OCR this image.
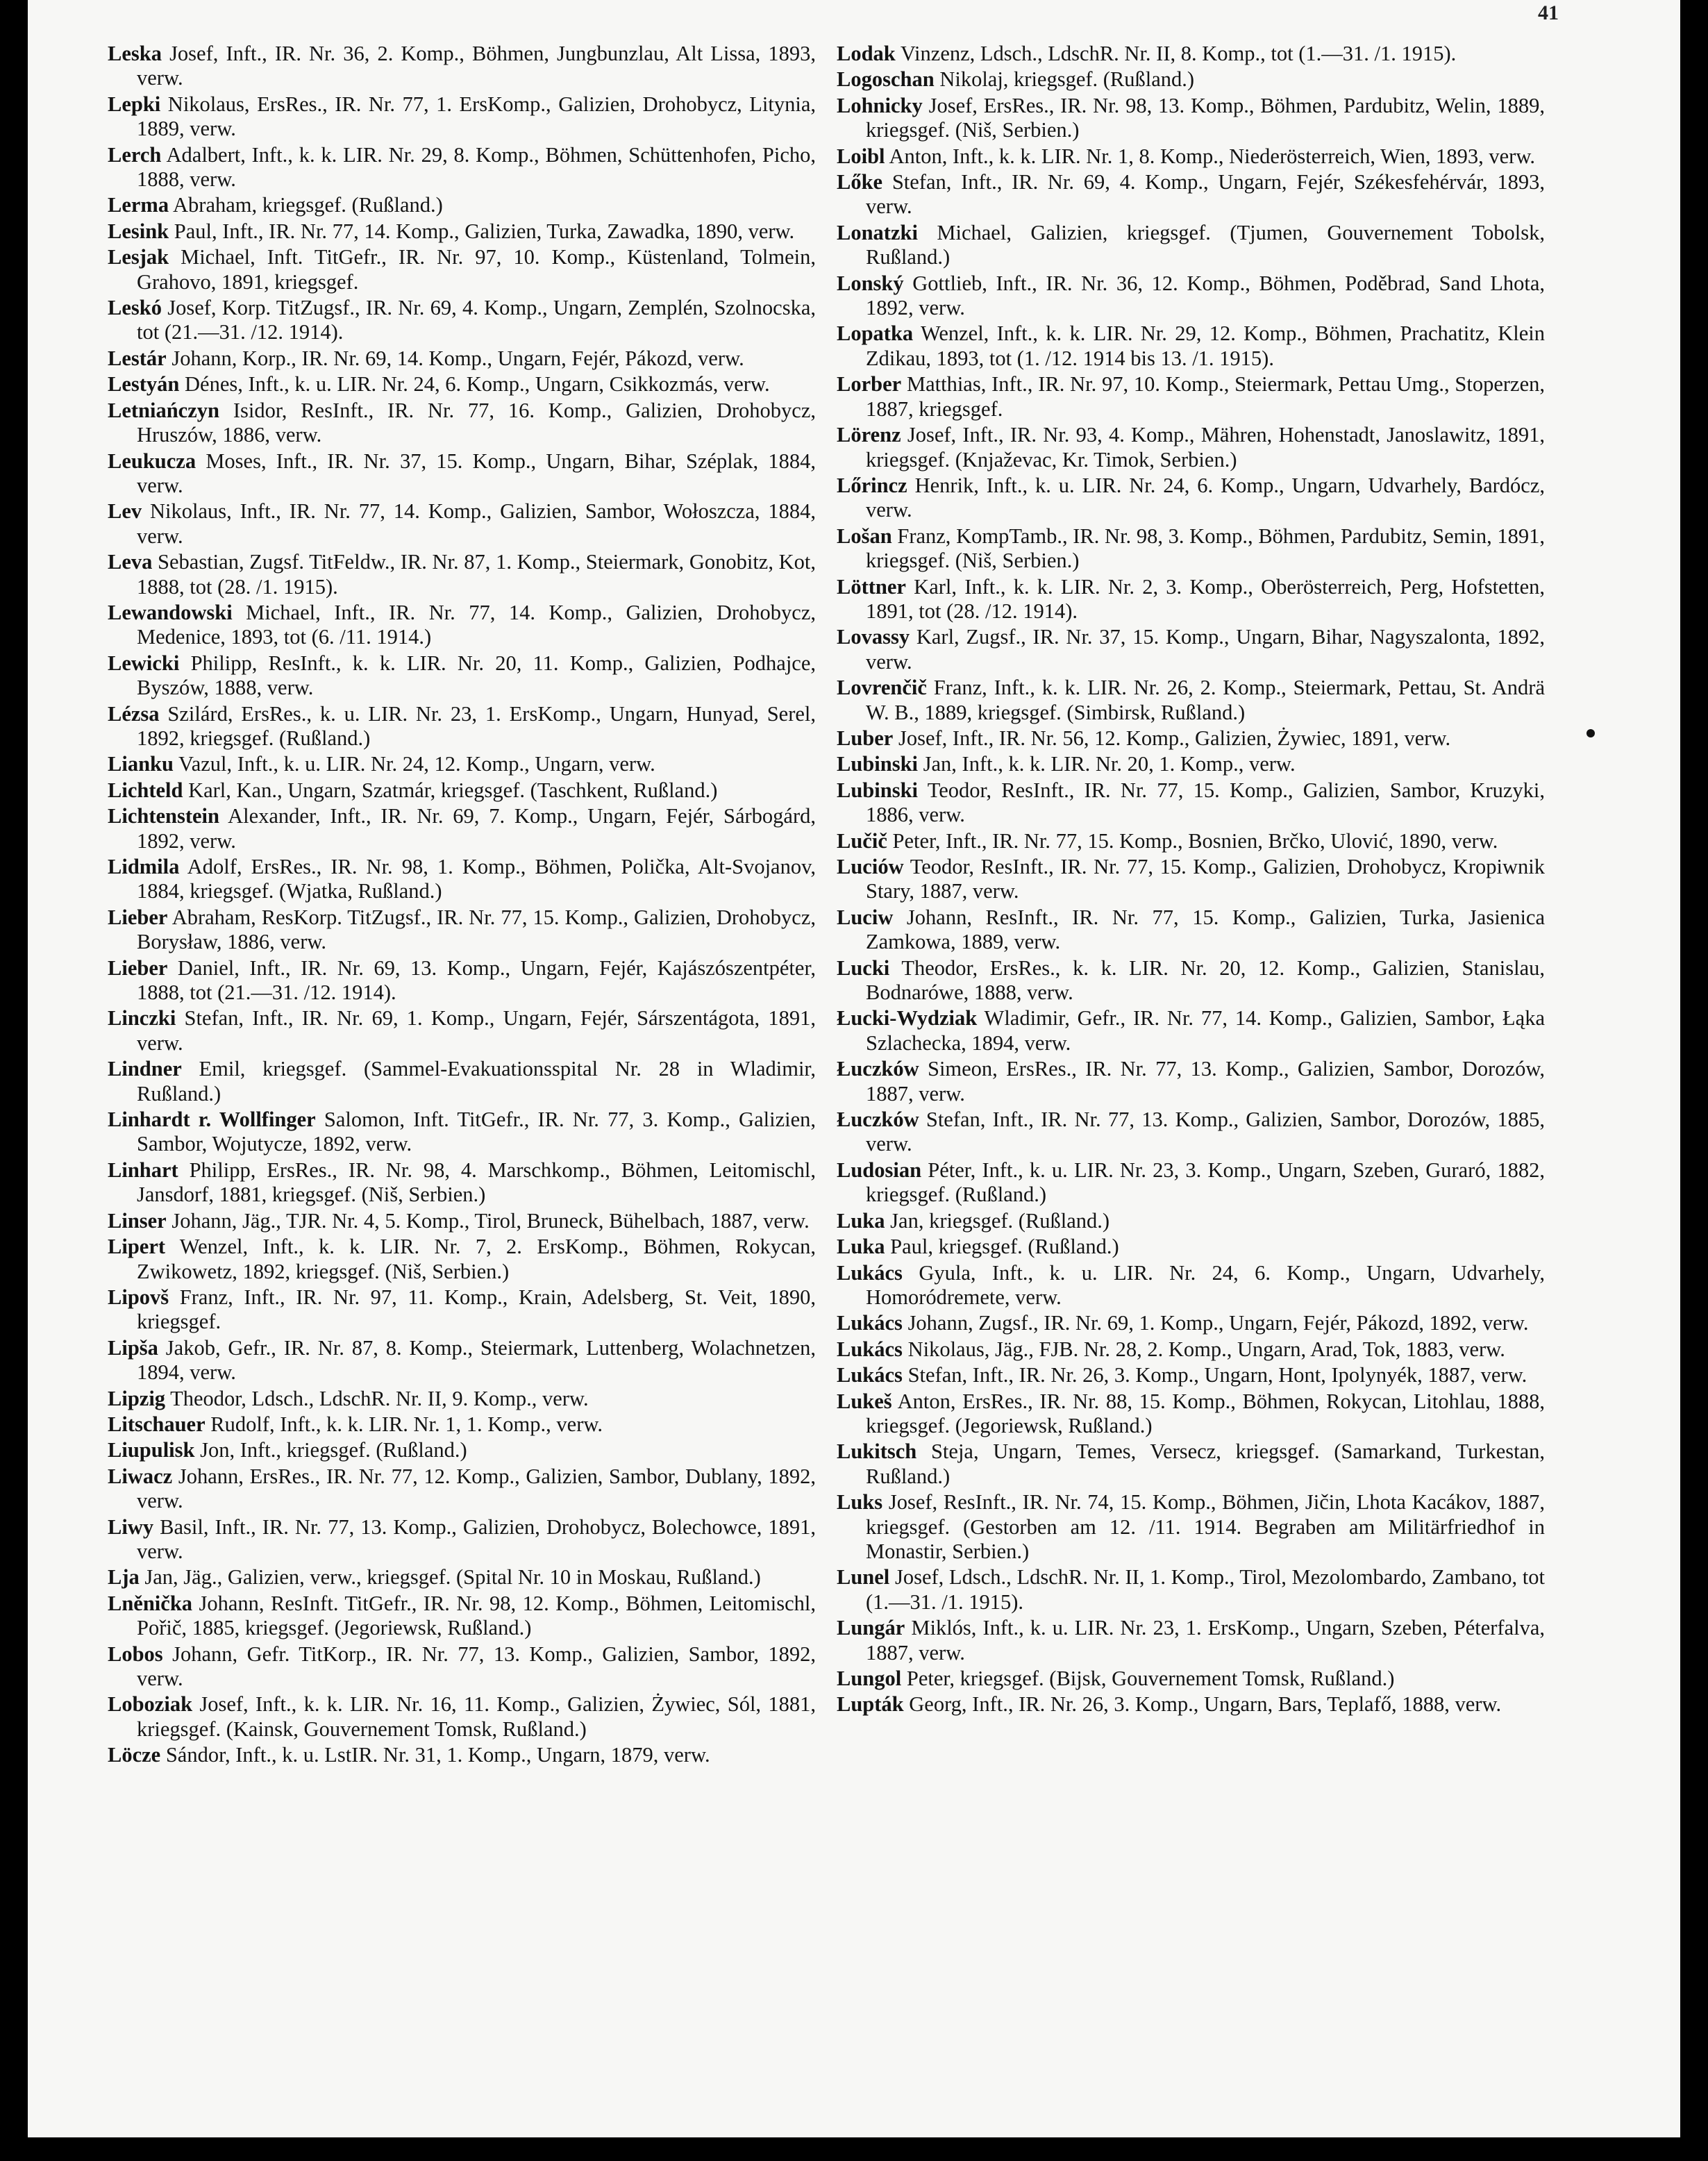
41

Leska Josef, Inft., IR. Nr. 36, 2. Komp., Böhmen, Jungbunzlau, Alt Lissa, 1893, verw.

Lepki Nikolaus, ErsRes., IR. Nr. 77, 1. ErsKomp., Galizien, Drohobycz, Litynia, 1889, verw.

Lerch Adalbert, Inft., k. k. LIR. Nr. 29, 8. Komp., Böhmen, Schüttenhofen, Picho, 1888, verw.

Lerma Abraham, kriegsgef. (Rußland.)

Lesink Paul, Inft., IR. Nr. 77, 14. Komp., Galizien, Turka, Zawadka, 1890, verw.

Lesjak Michael, Inft. TitGefr., IR. Nr. 97, 10. Komp., Küstenland, Tolmein, Grahovo, 1891, kriegsgef.

Leskó Josef, Korp. TitZugsf., IR. Nr. 69, 4. Komp., Ungarn, Zemplén, Szolnocska, tot (21.—31. /12. 1914).

Lestár Johann, Korp., IR. Nr. 69, 14. Komp., Ungarn, Fejér, Pákozd, verw.

Lestyán Dénes, Inft., k. u. LIR. Nr. 24, 6. Komp., Ungarn, Csikkozmás, verw.

Letniańczyn Isidor, ResInft., IR. Nr. 77, 16. Komp., Galizien, Drohobycz, Hruszów, 1886, verw.

Leukucza Moses, Inft., IR. Nr. 37, 15. Komp., Ungarn, Bihar, Széplak, 1884, verw.

Lev Nikolaus, Inft., IR. Nr. 77, 14. Komp., Galizien, Sambor, Wołoszcza, 1884, verw.

Leva Sebastian, Zugsf. TitFeldw., IR. Nr. 87, 1. Komp., Steiermark, Gonobitz, Kot, 1888, tot (28. /1. 1915).

Lewandowski Michael, Inft., IR. Nr. 77, 14. Komp., Galizien, Drohobycz, Medenice, 1893, tot (6. /11. 1914.)

Lewicki Philipp, ResInft., k. k. LIR. Nr. 20, 11. Komp., Galizien, Podhajce, Byszów, 1888, verw.

Lézsa Szilárd, ErsRes., k. u. LIR. Nr. 23, 1. ErsKomp., Ungarn, Hunyad, Serel, 1892, kriegsgef. (Rußland.)

Lianku Vazul, Inft., k. u. LIR. Nr. 24, 12. Komp., Ungarn, verw.

Lichteld Karl, Kan., Ungarn, Szatmár, kriegsgef. (Taschkent, Rußland.)

Lichtenstein Alexander, Inft., IR. Nr. 69, 7. Komp., Ungarn, Fejér, Sárbogárd, 1892, verw.

Lidmila Adolf, ErsRes., IR. Nr. 98, 1. Komp., Böhmen, Polička, Alt-Svojanov, 1884, kriegsgef. (Wjatka, Rußland.)

Lieber Abraham, ResKorp. TitZugsf., IR. Nr. 77, 15. Komp., Galizien, Drohobycz, Borysław, 1886, verw.

Lieber Daniel, Inft., IR. Nr. 69, 13. Komp., Ungarn, Fejér, Kajászószentpéter, 1888, tot (21.—31. /12. 1914).

Linczki Stefan, Inft., IR. Nr. 69, 1. Komp., Ungarn, Fejér, Sárszentágota, 1891, verw.

Lindner Emil, kriegsgef. (Sammel-Evakuationsspital Nr. 28 in Wladimir, Rußland.)

Linhardt r. Wollfinger Salomon, Inft. TitGefr., IR. Nr. 77, 3. Komp., Galizien, Sambor, Wojutycze, 1892, verw.

Linhart Philipp, ErsRes., IR. Nr. 98, 4. Marschkomp., Böhmen, Leitomischl, Jansdorf, 1881, kriegsgef. (Niš, Serbien.)

Linser Johann, Jäg., TJR. Nr. 4, 5. Komp., Tirol, Bruneck, Bühelbach, 1887, verw.

Lipert Wenzel, Inft., k. k. LIR. Nr. 7, 2. ErsKomp., Böhmen, Rokycan, Zwikowetz, 1892, kriegsgef. (Niš, Serbien.)

Lipovš Franz, Inft., IR. Nr. 97, 11. Komp., Krain, Adelsberg, St. Veit, 1890, kriegsgef.

Lipša Jakob, Gefr., IR. Nr. 87, 8. Komp., Steiermark, Luttenberg, Wolachnetzen, 1894, verw.

Lipzig Theodor, Ldsch., LdschR. Nr. II, 9. Komp., verw.

Litschauer Rudolf, Inft., k. k. LIR. Nr. 1, 1. Komp., verw.

Liupulisk Jon, Inft., kriegsgef. (Rußland.)

Liwacz Johann, ErsRes., IR. Nr. 77, 12. Komp., Galizien, Sambor, Dublany, 1892, verw.

Liwy Basil, Inft., IR. Nr. 77, 13. Komp., Galizien, Drohobycz, Bolechowce, 1891, verw.

Lja Jan, Jäg., Galizien, verw., kriegsgef. (Spital Nr. 10 in Moskau, Rußland.)

Lněnička Johann, ResInft. TitGefr., IR. Nr. 98, 12. Komp., Böhmen, Leitomischl, Pořič, 1885, kriegsgef. (Jegoriewsk, Rußland.)

Lobos Johann, Gefr. TitKorp., IR. Nr. 77, 13. Komp., Galizien, Sambor, 1892, verw.

Loboziak Josef, Inft., k. k. LIR. Nr. 16, 11. Komp., Galizien, Żywiec, Sól, 1881, kriegsgef. (Kainsk, Gouvernement Tomsk, Rußland.)

Löcze Sándor, Inft., k. u. LstIR. Nr. 31, 1. Komp., Ungarn, 1879, verw.

Lodak Vinzenz, Ldsch., LdschR. Nr. II, 8. Komp., tot (1.—31. /1. 1915).

Logoschan Nikolaj, kriegsgef. (Rußland.)

Lohnicky Josef, ErsRes., IR. Nr. 98, 13. Komp., Böhmen, Pardubitz, Welin, 1889, kriegsgef. (Niš, Serbien.)

Loibl Anton, Inft., k. k. LIR. Nr. 1, 8. Komp., Niederösterreich, Wien, 1893, verw.

Lőke Stefan, Inft., IR. Nr. 69, 4. Komp., Ungarn, Fejér, Székesfehérvár, 1893, verw.

Lonatzki Michael, Galizien, kriegsgef. (Tjumen, Gouvernement Tobolsk, Rußland.)

Lonský Gottlieb, Inft., IR. Nr. 36, 12. Komp., Böhmen, Poděbrad, Sand Lhota, 1892, verw.

Lopatka Wenzel, Inft., k. k. LIR. Nr. 29, 12. Komp., Böhmen, Prachatitz, Klein Zdikau, 1893, tot (1. /12. 1914 bis 13. /1. 1915).

Lorber Matthias, Inft., IR. Nr. 97, 10. Komp., Steiermark, Pettau Umg., Stoperzen, 1887, kriegsgef.

Lörenz Josef, Inft., IR. Nr. 93, 4. Komp., Mähren, Hohenstadt, Janoslawitz, 1891, kriegsgef. (Knjaževac, Kr. Timok, Serbien.)

Lőrincz Henrik, Inft., k. u. LIR. Nr. 24, 6. Komp., Ungarn, Udvarhely, Bardócz, verw.

Lošan Franz, KompTamb., IR. Nr. 98, 3. Komp., Böhmen, Pardubitz, Semin, 1891, kriegsgef. (Niš, Serbien.)

Löttner Karl, Inft., k. k. LIR. Nr. 2, 3. Komp., Oberösterreich, Perg, Hofstetten, 1891, tot (28. /12. 1914).

Lovassy Karl, Zugsf., IR. Nr. 37, 15. Komp., Ungarn, Bihar, Nagyszalonta, 1892, verw.

Lovrenčič Franz, Inft., k. k. LIR. Nr. 26, 2. Komp., Steiermark, Pettau, St. Andrä W. B., 1889, kriegsgef. (Simbirsk, Rußland.)

Luber Josef, Inft., IR. Nr. 56, 12. Komp., Galizien, Żywiec, 1891, verw.

Lubinski Jan, Inft., k. k. LIR. Nr. 20, 1. Komp., verw.

Lubinski Teodor, ResInft., IR. Nr. 77, 15. Komp., Galizien, Sambor, Kruzyki, 1886, verw.

Lučič Peter, Inft., IR. Nr. 77, 15. Komp., Bosnien, Brčko, Ulović, 1890, verw.

Luciów Teodor, ResInft., IR. Nr. 77, 15. Komp., Galizien, Drohobycz, Kropiwnik Stary, 1887, verw.

Luciw Johann, ResInft., IR. Nr. 77, 15. Komp., Galizien, Turka, Jasienica Zamkowa, 1889, verw.

Lucki Theodor, ErsRes., k. k. LIR. Nr. 20, 12. Komp., Galizien, Stanislau, Bodnarówe, 1888, verw.

Łucki-Wydziak Wladimir, Gefr., IR. Nr. 77, 14. Komp., Galizien, Sambor, Łąka Szlachecka, 1894, verw.

Łuczków Simeon, ErsRes., IR. Nr. 77, 13. Komp., Galizien, Sambor, Dorozów, 1887, verw.

Łuczków Stefan, Inft., IR. Nr. 77, 13. Komp., Galizien, Sambor, Dorozów, 1885, verw.

Ludosian Péter, Inft., k. u. LIR. Nr. 23, 3. Komp., Ungarn, Szeben, Guraró, 1882, kriegsgef. (Rußland.)

Luka Jan, kriegsgef. (Rußland.)

Luka Paul, kriegsgef. (Rußland.)

Lukács Gyula, Inft., k. u. LIR. Nr. 24, 6. Komp., Ungarn, Udvarhely, Homoródremete, verw.

Lukács Johann, Zugsf., IR. Nr. 69, 1. Komp., Ungarn, Fejér, Pákozd, 1892, verw.

Lukács Nikolaus, Jäg., FJB. Nr. 28, 2. Komp., Ungarn, Arad, Tok, 1883, verw.

Lukács Stefan, Inft., IR. Nr. 26, 3. Komp., Ungarn, Hont, Ipolynyék, 1887, verw.

Lukeš Anton, ErsRes., IR. Nr. 88, 15. Komp., Böhmen, Rokycan, Litohlau, 1888, kriegsgef. (Jegoriewsk, Rußland.)

Lukitsch Steja, Ungarn, Temes, Versecz, kriegsgef. (Samarkand, Turkestan, Rußland.)

Luks Josef, ResInft., IR. Nr. 74, 15. Komp., Böhmen, Jičin, Lhota Kacákov, 1887, kriegsgef. (Gestorben am 12. /11. 1914. Begraben am Militärfriedhof in Monastir, Serbien.)

Lunel Josef, Ldsch., LdschR. Nr. II, 1. Komp., Tirol, Mezolombardo, Zambano, tot (1.—31. /1. 1915).

Lungár Miklós, Inft., k. u. LIR. Nr. 23, 1. ErsKomp., Ungarn, Szeben, Péterfalva, 1887, verw.

Lungol Peter, kriegsgef. (Bijsk, Gouvernement Tomsk, Rußland.)

Lupták Georg, Inft., IR. Nr. 26, 3. Komp., Ungarn, Bars, Teplafő, 1888, verw.
